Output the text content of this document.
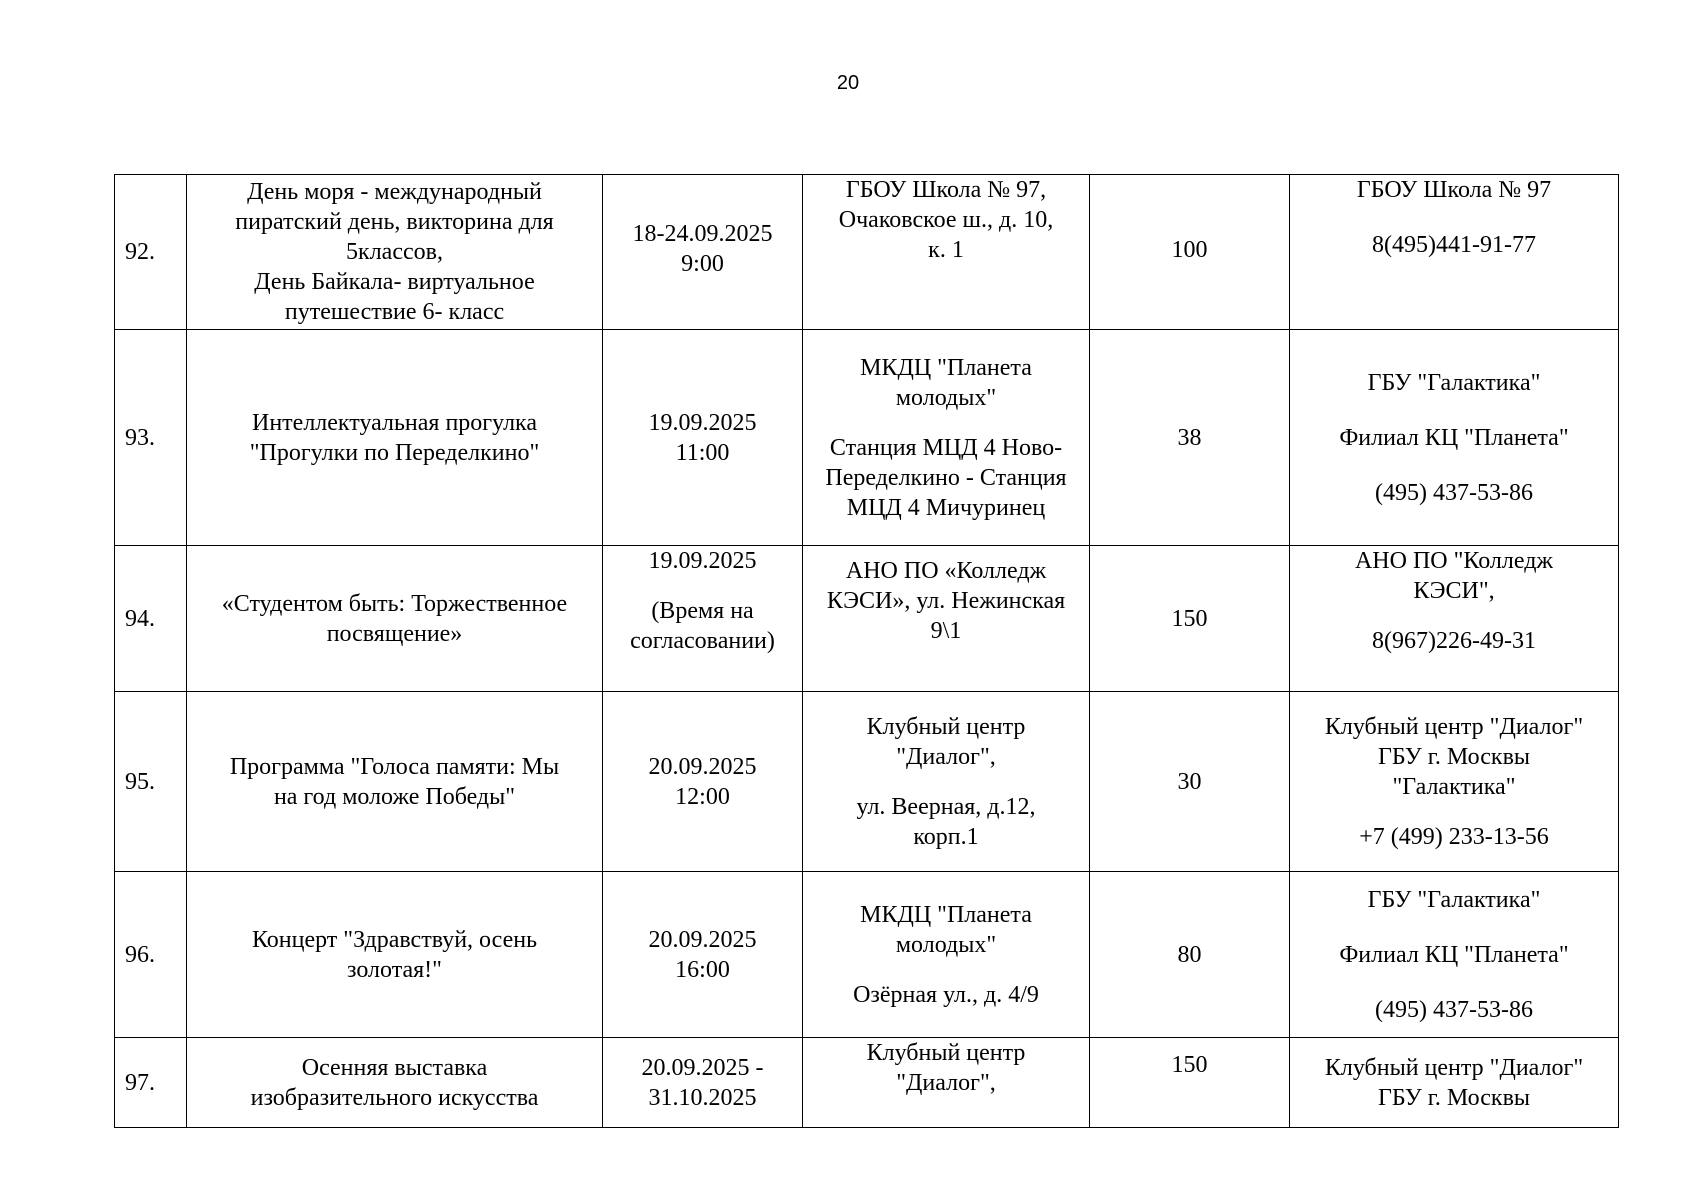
20
92.	День моря - международный
пиратский день, викторина для
5классов,
День Байкала- виртуальное
путешествие 6- класс	18-24.09.2025
9:00	ГБОУ Школа № 97,
Очаковское ш., д. 10,
к. 1	100	ГБОУ Школа № 97
8(495)441-91-77

93.	Интеллектуальная прогулка
"Прогулки по Переделкино"	19.09.2025
11:00	МКДЦ "Планета
молодых"
Станция МЦД 4 Ново-
Переделкино - Станция
МЦД 4 Мичуринец	38	ГБУ "Галактика"
Филиал КЦ "Планета"
(495) 437-53-86

94.	«Студентом быть: Торжественное
посвящение»	19.09.2025
(Время на
согласовании)	АНО ПО «Колледж
КЭСИ», ул. Нежинская
9\1	150	АНО ПО "Колледж
КЭСИ",
8(967)226-49-31

95.	Программа "Голоса памяти: Мы
на год моложе Победы"	20.09.2025
12:00	Клубный центр
"Диалог",
ул. Веерная, д.12,
корп.1	30	Клубный центр "Диалог"
ГБУ г. Москвы
"Галактика"
+7 (499) 233-13-56

96.	Концерт "Здравствуй, осень
золотая!"	20.09.2025
16:00	МКДЦ "Планета
молодых"
Озёрная ул., д. 4/9	80	ГБУ "Галактика"
Филиал КЦ "Планета"
(495) 437-53-86

97.	Осенняя выставка
изобразительного искусства	20.09.2025 -
31.10.2025	Клубный центр
"Диалог",	150	Клубный центр "Диалог"
ГБУ г. Москвы
